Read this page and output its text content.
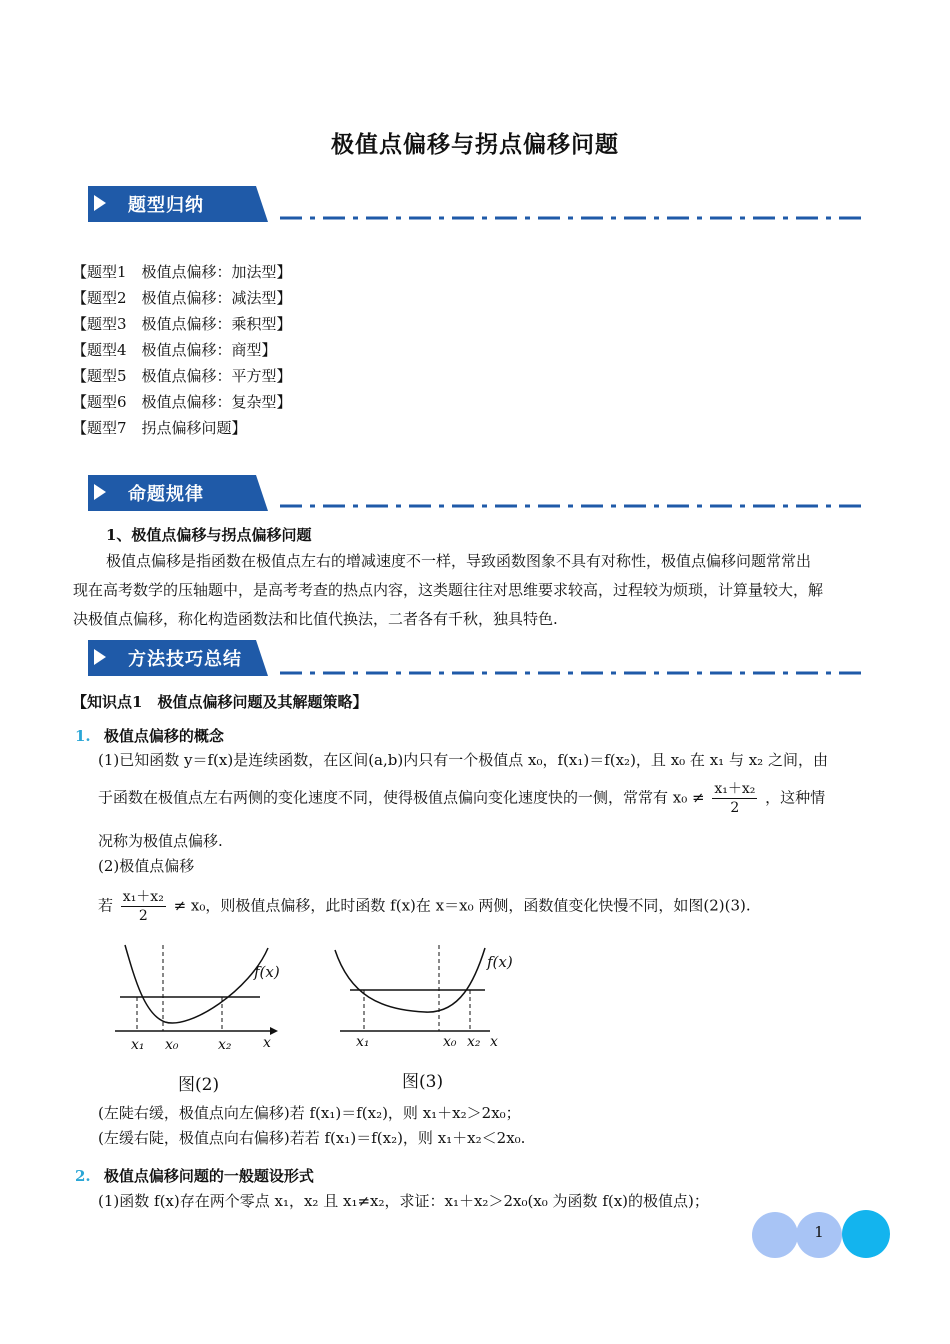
极值点偏移与拐点偏移问题
题型归纳
【题型1　极值点偏移：加法型】
【题型2　极值点偏移：减法型】
【题型3　极值点偏移：乘积型】
【题型4　极值点偏移：商型】
【题型5　极值点偏移：平方型】
【题型6　极值点偏移：复杂型】
【题型7　拐点偏移问题】
命题规律
1、极值点偏移与拐点偏移问题
极值点偏移是指函数在极值点左右的增减速度不一样，导致函数图象不具有对称性，极值点偏移问题常常出
现在高考数学的压轴题中，是高考考查的热点内容，这类题往往对思维要求较高，过程较为烦琐，计算量较大，解
决极值点偏移，称化构造函数法和比值代换法，二者各有千秋，独具特色.
方法技巧总结
【知识点1　极值点偏移问题及其解题策略】
1. 极值点偏移的概念
(1)已知函数 y＝f(x)是连续函数，在区间(a,b)内只有一个极值点 x₀，f(x₁)＝f(x₂)，且 x₀ 在 x₁ 与 x₂ 之间，由
于函数在极值点左右两侧的变化速度不同，使得极值点偏向变化速度快的一侧，常常有 $x_0 \ne \frac{\text{x₁＋x₂}}{2}$ ，这种情
况称为极值点偏移.
(2)极值点偏移
若 $\frac{\text{x₁＋x₂}}{2} \ne x_0$，则极值点偏移，此时函数 f(x)在 x＝x₀ 两侧，函数值变化快慢不同，如图(2)(3).
f(x)
x₁ x₀	x₂ x
图(2)
f(x)
x₁	x₀ x₂ x
图(3)
(左陡右缓，极值点向左偏移)若 f(x₁)＝f(x₂)，则 x₁＋x₂＞2x₀；
(左缓右陡，极值点向右偏移)若若 f(x₁)＝f(x₂)，则 x₁＋x₂＜2x₀.
2. 极值点偏移问题的一般题设形式
(1)函数 f(x)存在两个零点 x₁，x₂ 且 x₁≠x₂，求证：x₁＋x₂＞2x₀(x₀ 为函数 f(x)的极值点)；
1
